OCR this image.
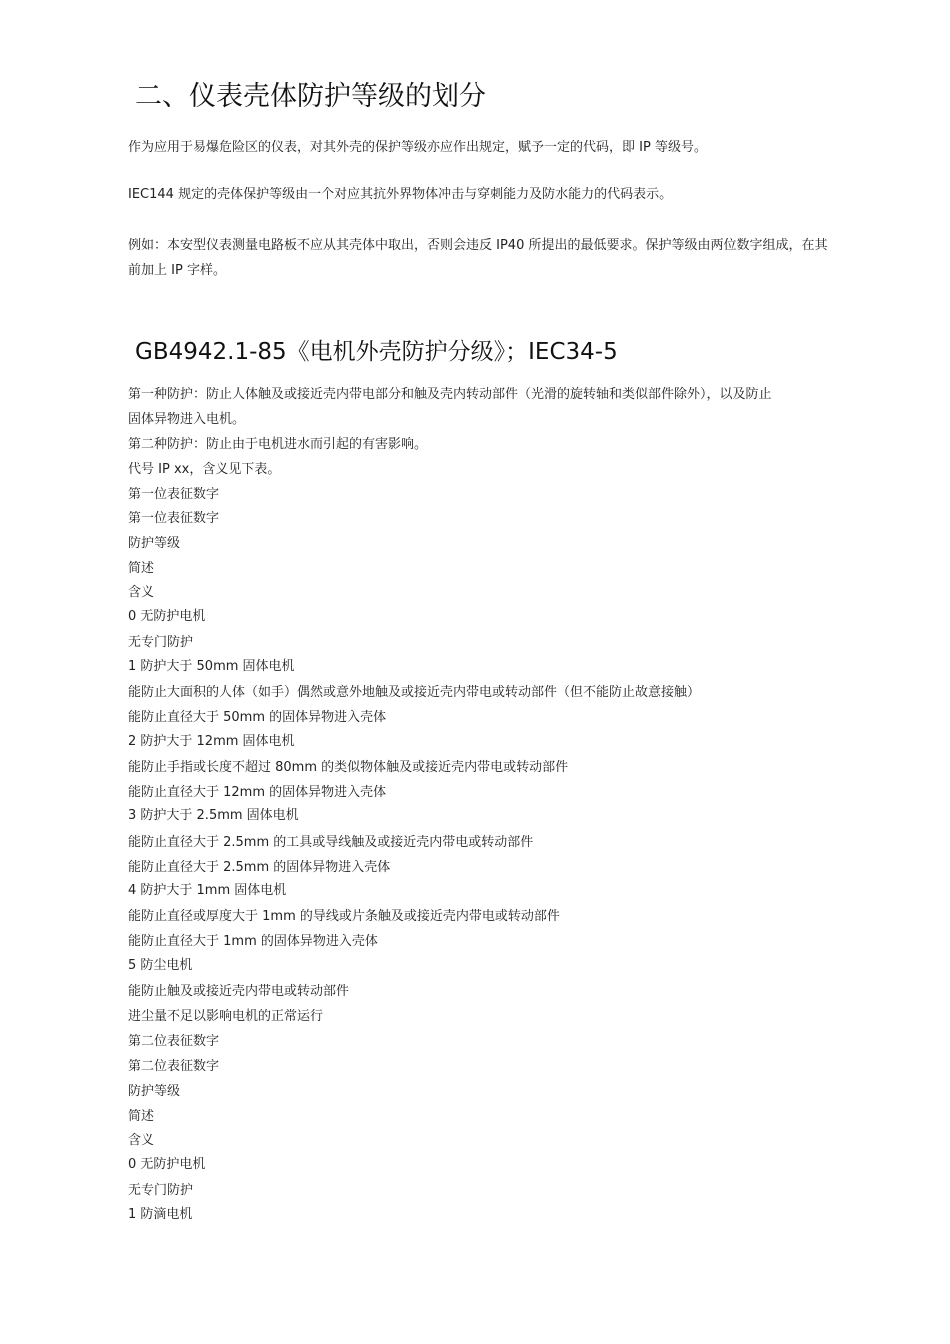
二、仪表壳体防护等级的划分

作为应用于易爆危险区的仪表，对其外壳的保护等级亦应作出规定，赋予一定的代码，即 IP 等级号。

IEC144 规定的壳体保护等级由一个对应其抗外界物体冲击与穿刺能力及防水能力的代码表示。

例如：本安型仪表测量电路板不应从其壳体中取出，否则会违反 IP40 所提出的最低要求。保护等级由两位数字组成，在其前加上 IP 字样。

GB4942.1-85《电机外壳防护分级》；IEC34-5
第一种防护：防止人体触及或接近壳内带电部分和触及壳内转动部件（光滑的旋转轴和类似部件除外），以及防止
固体异物进入电机。
第二种防护：防止由于电机进水而引起的有害影响。
代号 IP xx，含义见下表。
第一位表征数字
第一位表征数字
防护等级
简述
含义
0 无防护电机
无专门防护
1 防护大于 50mm 固体电机
能防止大面积的人体（如手）偶然或意外地触及或接近壳内带电或转动部件（但不能防止故意接触）
能防止直径大于 50mm 的固体异物进入壳体
2 防护大于 12mm 固体电机
能防止手指或长度不超过 80mm 的类似物体触及或接近壳内带电或转动部件
能防止直径大于 12mm 的固体异物进入壳体
3 防护大于 2.5mm 固体电机
能防止直径大于 2.5mm 的工具或导线触及或接近壳内带电或转动部件
能防止直径大于 2.5mm 的固体异物进入壳体
4 防护大于 1mm 固体电机
能防止直径或厚度大于 1mm 的导线或片条触及或接近壳内带电或转动部件
能防止直径大于 1mm 的固体异物进入壳体
5 防尘电机
能防止触及或接近壳内带电或转动部件
进尘量不足以影响电机的正常运行
第二位表征数字
第二位表征数字
防护等级
简述
含义
0 无防护电机
无专门防护
1 防滴电机
